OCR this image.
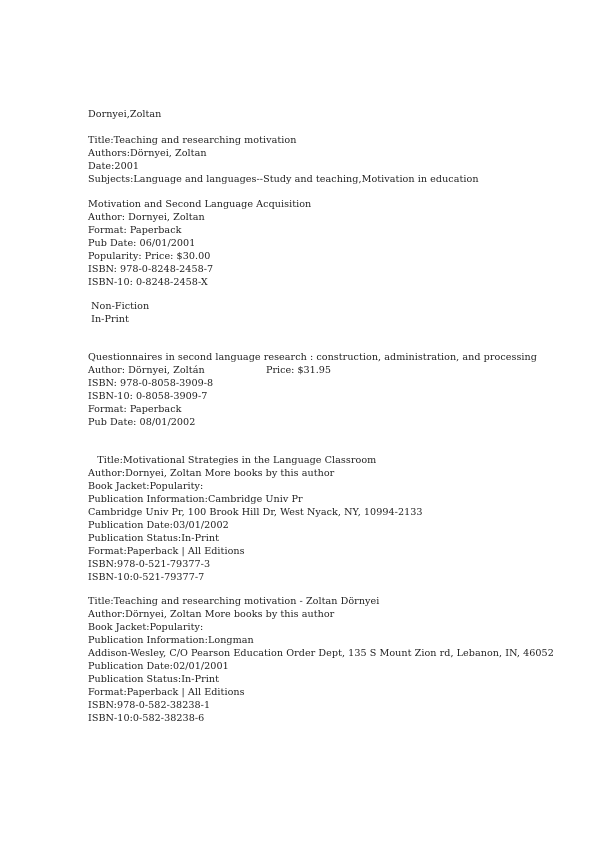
Dornyei,Zoltan
Title:Teaching and researching motivation
Authors:Dörnyei, Zoltan
Date:2001
Subjects:Language and languages--Study and teaching,Motivation in education
Motivation and Second Language Acquisition
Author: Dornyei, Zoltan
Format: Paperback
Pub Date: 06/01/2001
Popularity: Price: $30.00
ISBN: 978-0-8248-2458-7
ISBN-10: 0-8248-2458-X
Non-Fiction
In-Print
Questionnaires in second language research : construction, administration, and processing
Author: Dörnyei, Zoltán	Price: $31.95
ISBN: 978-0-8058-3909-8
ISBN-10: 0-8058-3909-7
Format: Paperback
Pub Date: 08/01/2002
Title:Motivational Strategies in the Language Classroom
Author:Dornyei, Zoltan More books by this author
Book Jacket:Popularity:
Publication Information:Cambridge Univ Pr
Cambridge Univ Pr, 100 Brook Hill Dr, West Nyack, NY, 10994-2133
Publication Date:03/01/2002
Publication Status:In-Print
Format:Paperback | All Editions
ISBN:978-0-521-79377-3
ISBN-10:0-521-79377-7
Title:Teaching and researching motivation - Zoltan Dörnyei
Author:Dörnyei, Zoltan More books by this author
Book Jacket:Popularity:
Publication Information:Longman
Addison-Wesley, C/O Pearson Education Order Dept, 135 S Mount Zion rd, Lebanon, IN, 46052
Publication Date:02/01/2001
Publication Status:In-Print
Format:Paperback | All Editions
ISBN:978-0-582-38238-1
ISBN-10:0-582-38238-6
